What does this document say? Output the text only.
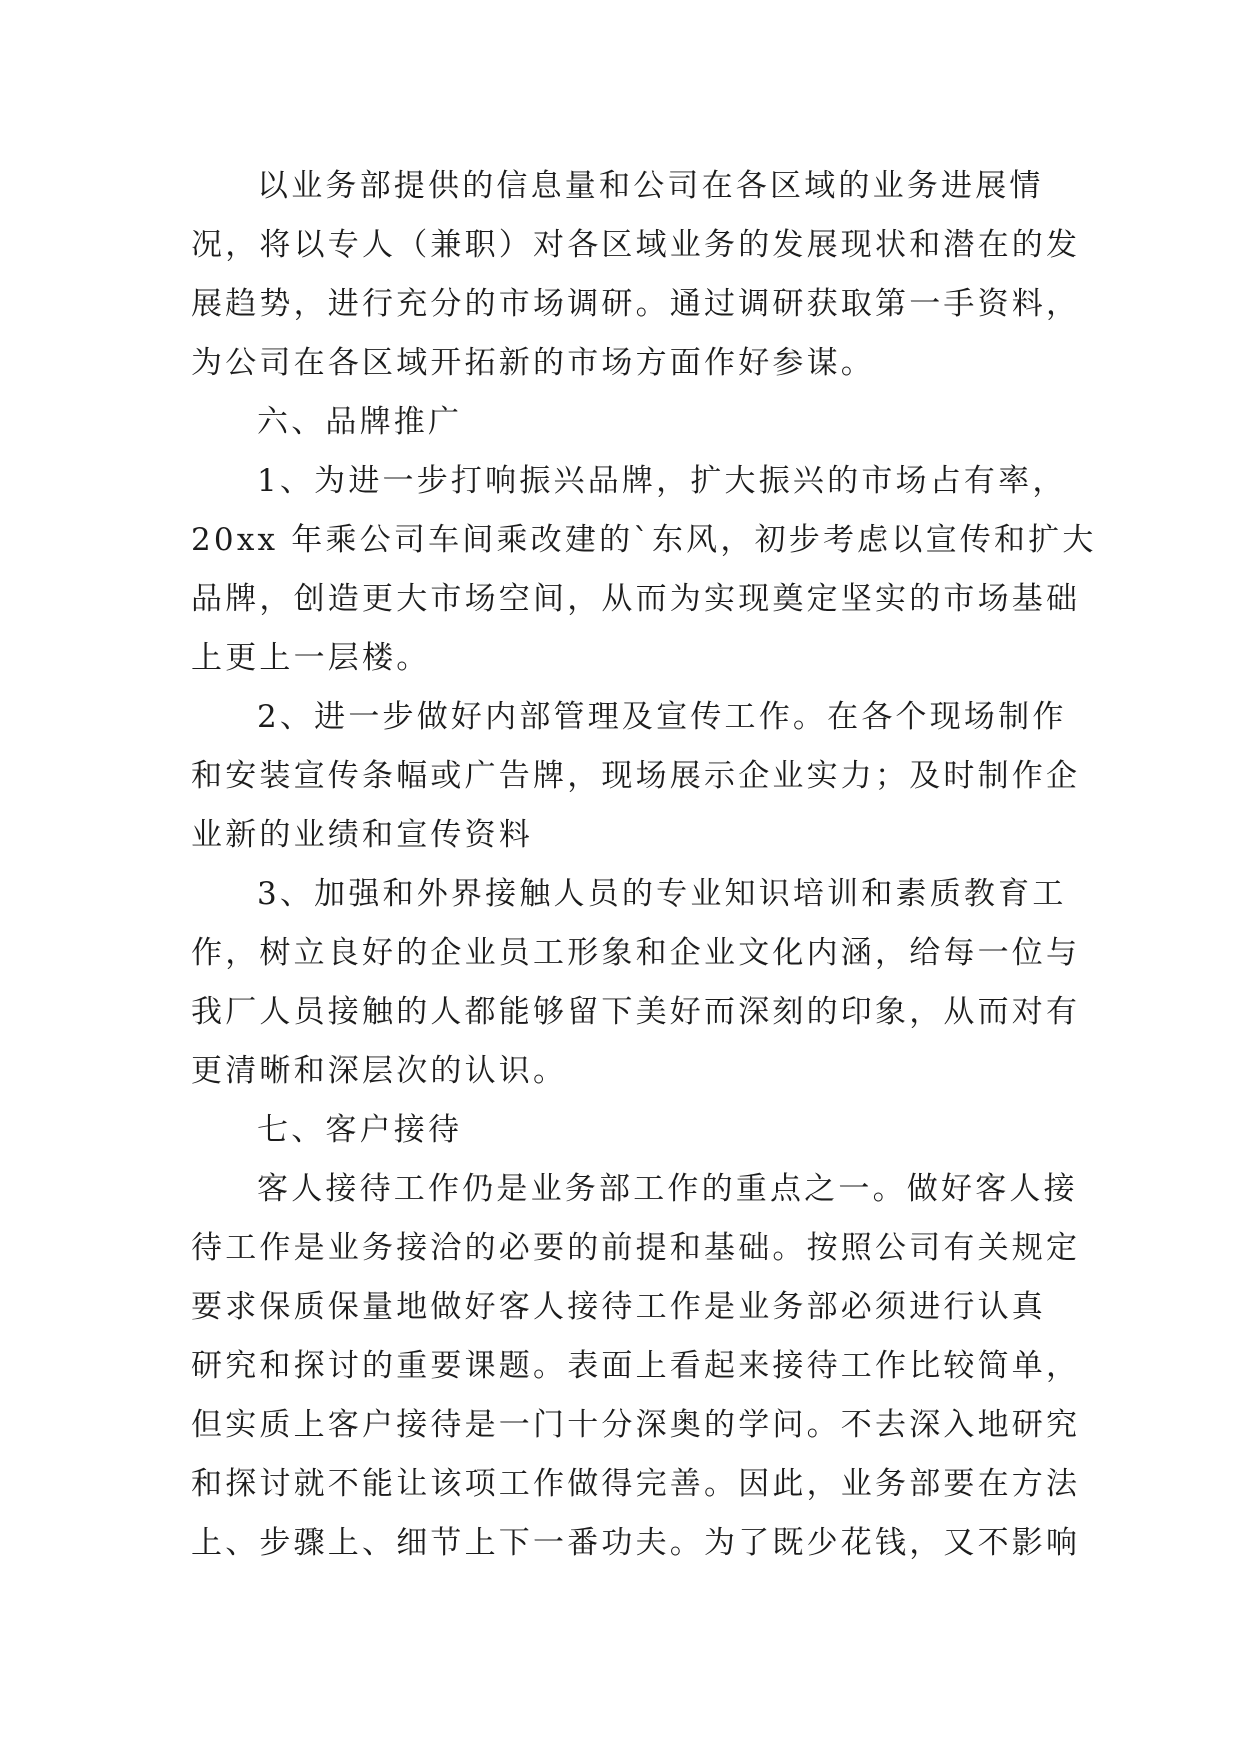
以业务部提供的信息量和公司在各区域的业务进展情
况，将以专人（兼职）对各区域业务的发展现状和潜在的发
展趋势，进行充分的市场调研。通过调研获取第一手资料，
为公司在各区域开拓新的市场方面作好参谋。
六、品牌推广
1、为进一步打响振兴品牌，扩大振兴的市场占有率，
20xx 年乘公司车间乘改建的`东风，初步考虑以宣传和扩大
品牌，创造更大市场空间，从而为实现奠定坚实的市场基础
上更上一层楼。
2、进一步做好内部管理及宣传工作。在各个现场制作
和安装宣传条幅或广告牌，现场展示企业实力；及时制作企
业新的业绩和宣传资料
3、加强和外界接触人员的专业知识培训和素质教育工
作，树立良好的企业员工形象和企业文化内涵，给每一位与
我厂人员接触的人都能够留下美好而深刻的印象，从而对有
更清晰和深层次的认识。
七、客户接待
客人接待工作仍是业务部工作的重点之一。做好客人接
待工作是业务接洽的必要的前提和基础。按照公司有关规定
要求保质保量地做好客人接待工作是业务部必须进行认真
研究和探讨的重要课题。表面上看起来接待工作比较简单，
但实质上客户接待是一门十分深奥的学问。不去深入地研究
和探讨就不能让该项工作做得完善。因此，业务部要在方法
上、步骤上、细节上下一番功夫。为了既少花钱，又不影响
